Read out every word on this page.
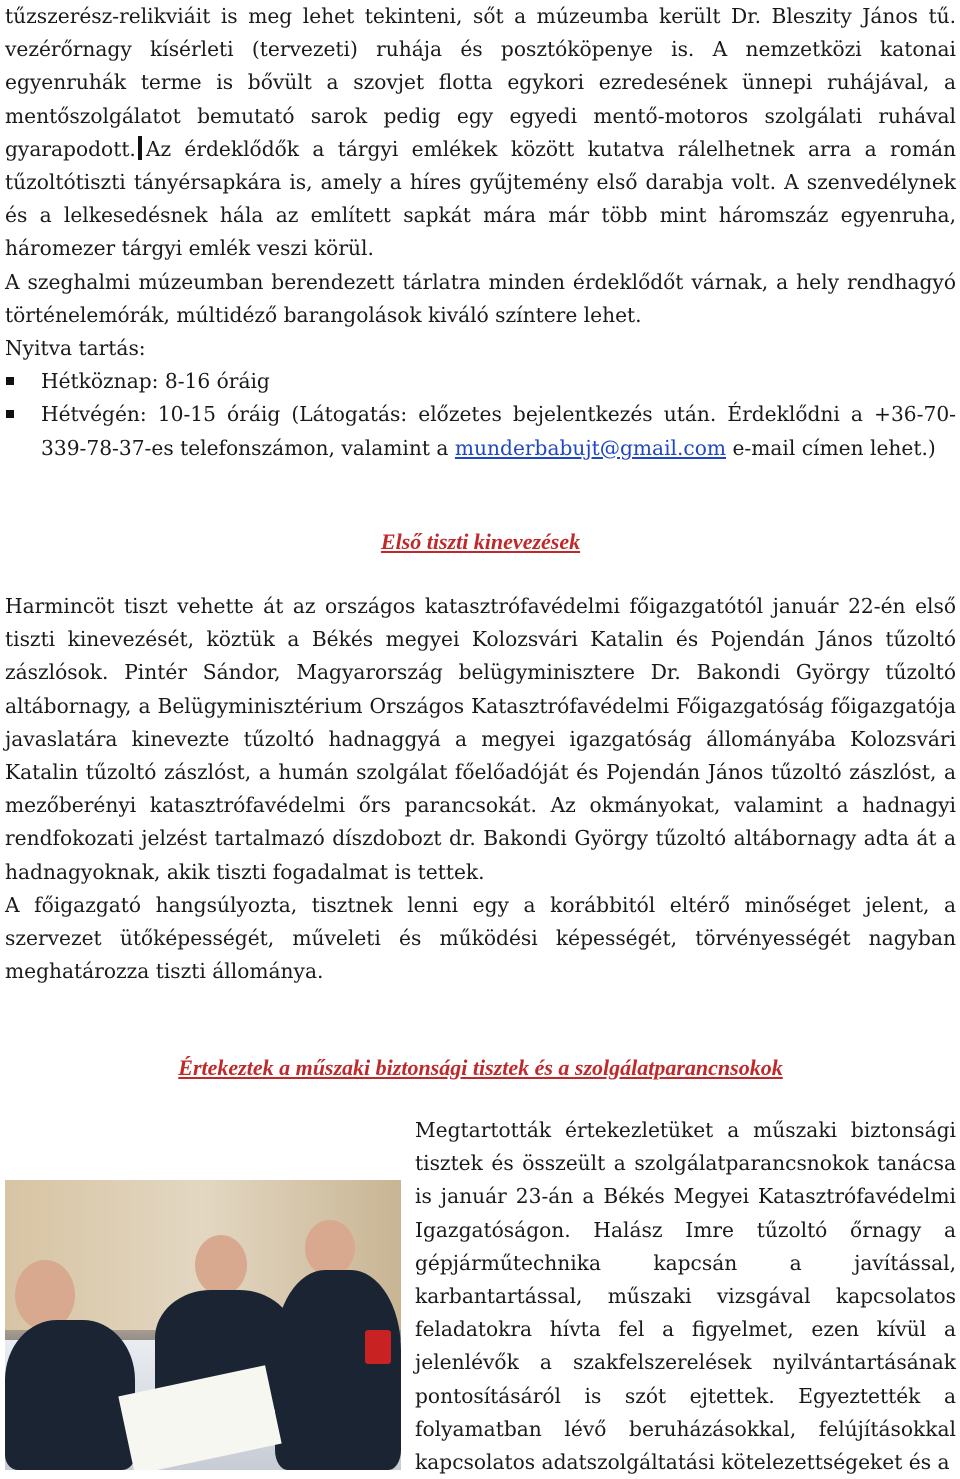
tűzszerész-relikviáit is meg lehet tekinteni, sőt a múzeumba került Dr. Bleszity János tű. vezérőrnagy kísérleti (tervezeti) ruhája és posztóköpenye is. A nemzetközi katonai egyenruhák terme is bővült a szovjet flotta egykori ezredesének ünnepi ruhájával, a mentőszolgálatot bemutató sarok pedig egy egyedi mentő-motoros szolgálati ruhával gyarapodott. Az érdeklődők a tárgyi emlékek között kutatva rálelhetnek arra a román tűzoltótiszti tányérsapkára is, amely a híres gyűjtemény első darabja volt. A szenvedélynek és a lelkesedésnek hála az említett sapkát mára már több mint háromszáz egyenruha, háromezer tárgyi emlék veszi körül.

A szeghalmi múzeumban berendezett tárlatra minden érdeklődőt várnak, a hely rendhagyó történelemórák, múltidéző barangolások kiváló színtere lehet.

Nyitva tartás:

Hétköznap: 8-16 óráig
Hétvégén: 10-15 óráig (Látogatás: előzetes bejelentkezés után. Érdeklődni a +36-70-339-78-37-es telefonszámon, valamint a munderbabujt@gmail.com e-mail címen lehet.)
Első tiszti kinevezések

Harmincöt tiszt vehette át az országos katasztrófavédelmi főigazgatótól január 22-én első tiszti kinevezését, köztük a Békés megyei Kolozsvári Katalin és Pojendán János tűzoltó zászlósok. Pintér Sándor, Magyarország belügyminisztere Dr. Bakondi György tűzoltó altábornagy, a Belügyminisztérium Országos Katasztrófavédelmi Főigazgatóság főigazgatója javaslatára kinevezte tűzoltó hadnaggyá a megyei igazgatóság állományába Kolozsvári Katalin tűzoltó zászlóst, a humán szolgálat főelőadóját és Pojendán János tűzoltó zászlóst, a mezőberényi katasztrófavédelmi őrs parancsokát. Az okmányokat, valamint a hadnagyi rendfokozati jelzést tartalmazó díszdobozt dr. Bakondi György tűzoltó altábornagy adta át a hadnagyoknak, akik tiszti fogadalmat is tettek.

A főigazgató hangsúlyozta, tisztnek lenni egy a korábbitól eltérő minőséget jelent, a szervezet ütőképességét, műveleti és működési képességét, törvényességét nagyban meghatározza tiszti állománya.

Értekeztek a műszaki biztonsági tisztek és a szolgálatparancnsokok

Megtartották értekezletüket a műszaki biztonsági tisztek és összeült a szolgálatparancsnokok tanácsa is január 23-án a Békés Megyei Katasztrófavédelmi Igazgatóságon. Halász Imre tűzoltó őrnagy a gépjárműtechnika kapcsán a javítással, karbantartással, műszaki vizsgával kapcsolatos feladatokra hívta fel a figyelmet, ezen kívül a jelenlévők a szakfelszerelések nyilvántartásának pontosításáról is szót ejtettek. Egyeztették a folyamatban lévő beruházásokkal, felújításokkal kapcsolatos adatszolgáltatási kötelezettségeket és a
